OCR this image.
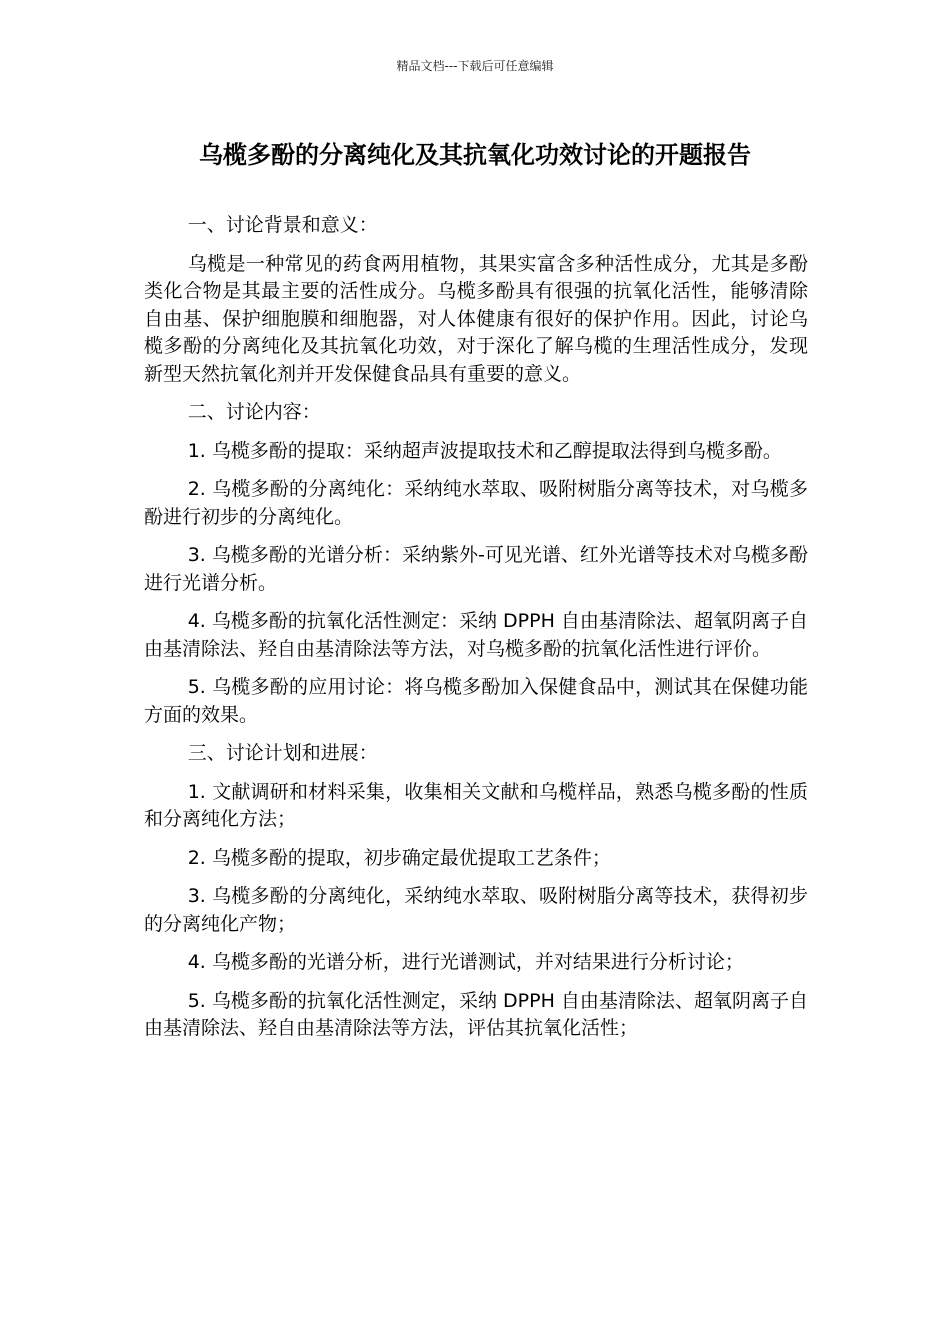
精品文档---下载后可任意编辑
乌榄多酚的分离纯化及其抗氧化功效讨论的开题报告

一、讨论背景和意义：

乌榄是一种常见的药食两用植物，其果实富含多种活性成分，尤其是多酚类化合物是其最主要的活性成分。乌榄多酚具有很强的抗氧化活性，能够清除自由基、保护细胞膜和细胞器，对人体健康有很好的保护作用。因此，讨论乌榄多酚的分离纯化及其抗氧化功效，对于深化了解乌榄的生理活性成分，发现新型天然抗氧化剂并开发保健食品具有重要的意义。

二、讨论内容：

1. 乌榄多酚的提取：采纳超声波提取技术和乙醇提取法得到乌榄多酚。

2. 乌榄多酚的分离纯化：采纳纯水萃取、吸附树脂分离等技术，对乌榄多酚进行初步的分离纯化。

3. 乌榄多酚的光谱分析：采纳紫外-可见光谱、红外光谱等技术对乌榄多酚进行光谱分析。

4. 乌榄多酚的抗氧化活性测定：采纳 DPPH 自由基清除法、超氧阴离子自由基清除法、羟自由基清除法等方法，对乌榄多酚的抗氧化活性进行评价。

5. 乌榄多酚的应用讨论：将乌榄多酚加入保健食品中，测试其在保健功能方面的效果。

三、讨论计划和进展：

1. 文献调研和材料采集，收集相关文献和乌榄样品，熟悉乌榄多酚的性质和分离纯化方法；

2. 乌榄多酚的提取，初步确定最优提取工艺条件；

3. 乌榄多酚的分离纯化，采纳纯水萃取、吸附树脂分离等技术，获得初步的分离纯化产物；

4. 乌榄多酚的光谱分析，进行光谱测试，并对结果进行分析讨论；

5. 乌榄多酚的抗氧化活性测定，采纳 DPPH 自由基清除法、超氧阴离子自由基清除法、羟自由基清除法等方法，评估其抗氧化活性；
